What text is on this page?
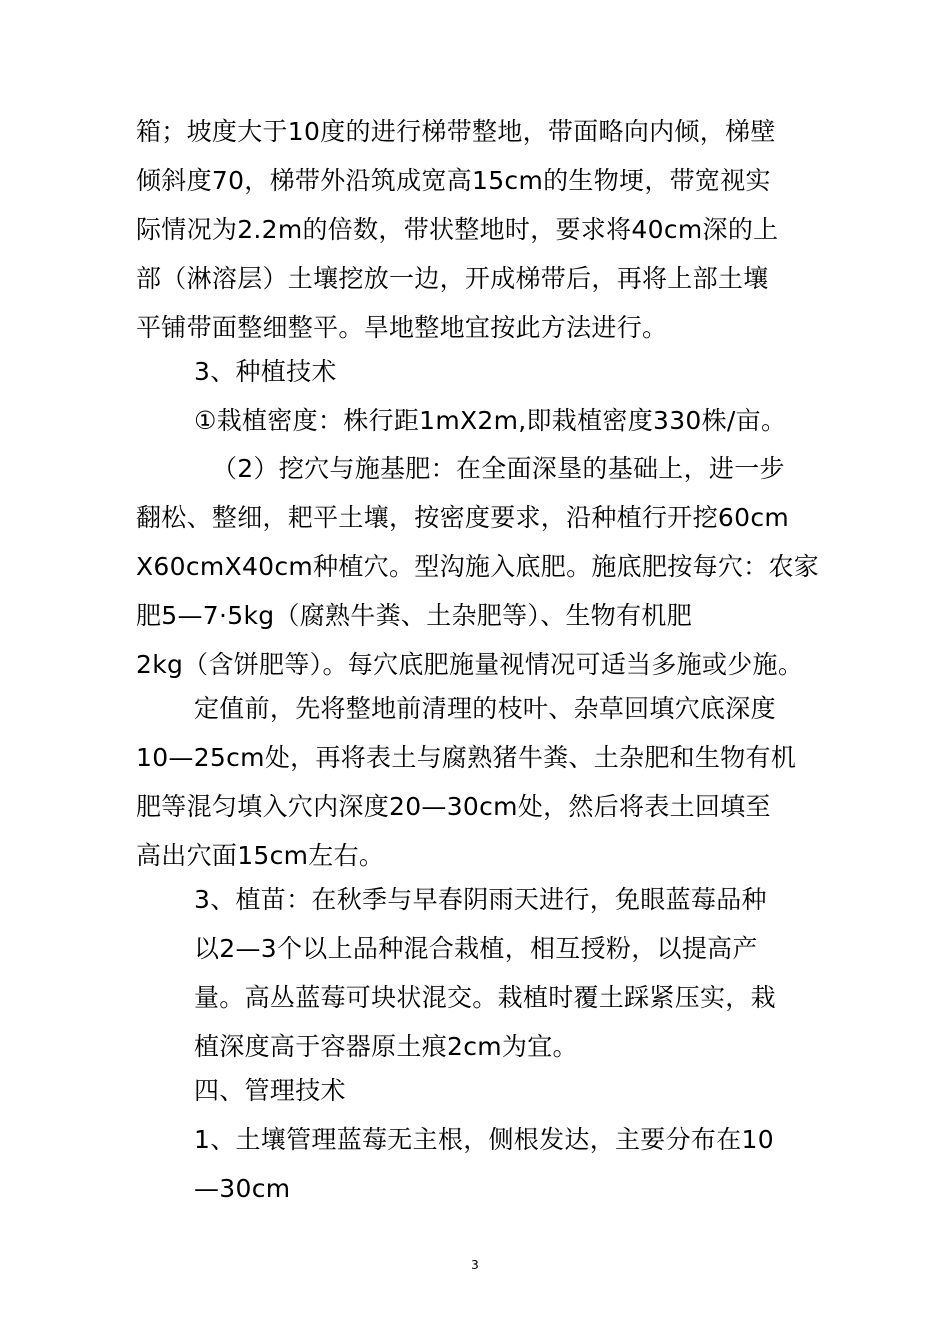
箱；坡度大于10度的进行梯带整地，带面略向内倾，梯壁
倾斜度70，梯带外沿筑成宽高15cm的生物埂，带宽视实
际情况为2.2m的倍数，带状整地时，要求将40cm深的上
部（淋溶层）土壤挖放一边，开成梯带后，再将上部土壤
平铺带面整细整平。旱地整地宜按此方法进行。
3、种植技术
①栽植密度：株行距1mX2m,即栽植密度330株/亩。
（2）挖穴与施基肥：在全面深垦的基础上，进一步
翻松、整细，耙平土壤，按密度要求，沿种植行开挖60cm
X60cmX40cm种植穴。型沟施入底肥。施底肥按每穴：农家
肥5—7·5kg（腐熟牛粪、土杂肥等）、生物有机肥
2kg（含饼肥等）。每穴底肥施量视情况可适当多施或少施。
定值前，先将整地前清理的枝叶、杂草回填穴底深度
10—25cm处，再将表土与腐熟猪牛粪、土杂肥和生物有机
肥等混匀填入穴内深度20—30cm处，然后将表土回填至
高出穴面15cm左右。
3、植苗：在秋季与早春阴雨天进行，免眼蓝莓品种
以2—3个以上品种混合栽植，相互授粉，以提高产
量。高丛蓝莓可块状混交。栽植时覆土踩紧压实，栽
植深度高于容器原土痕2cm为宜。
四、管理技术
1、土壤管理蓝莓无主根，侧根发达，主要分布在10
—30cm
3
